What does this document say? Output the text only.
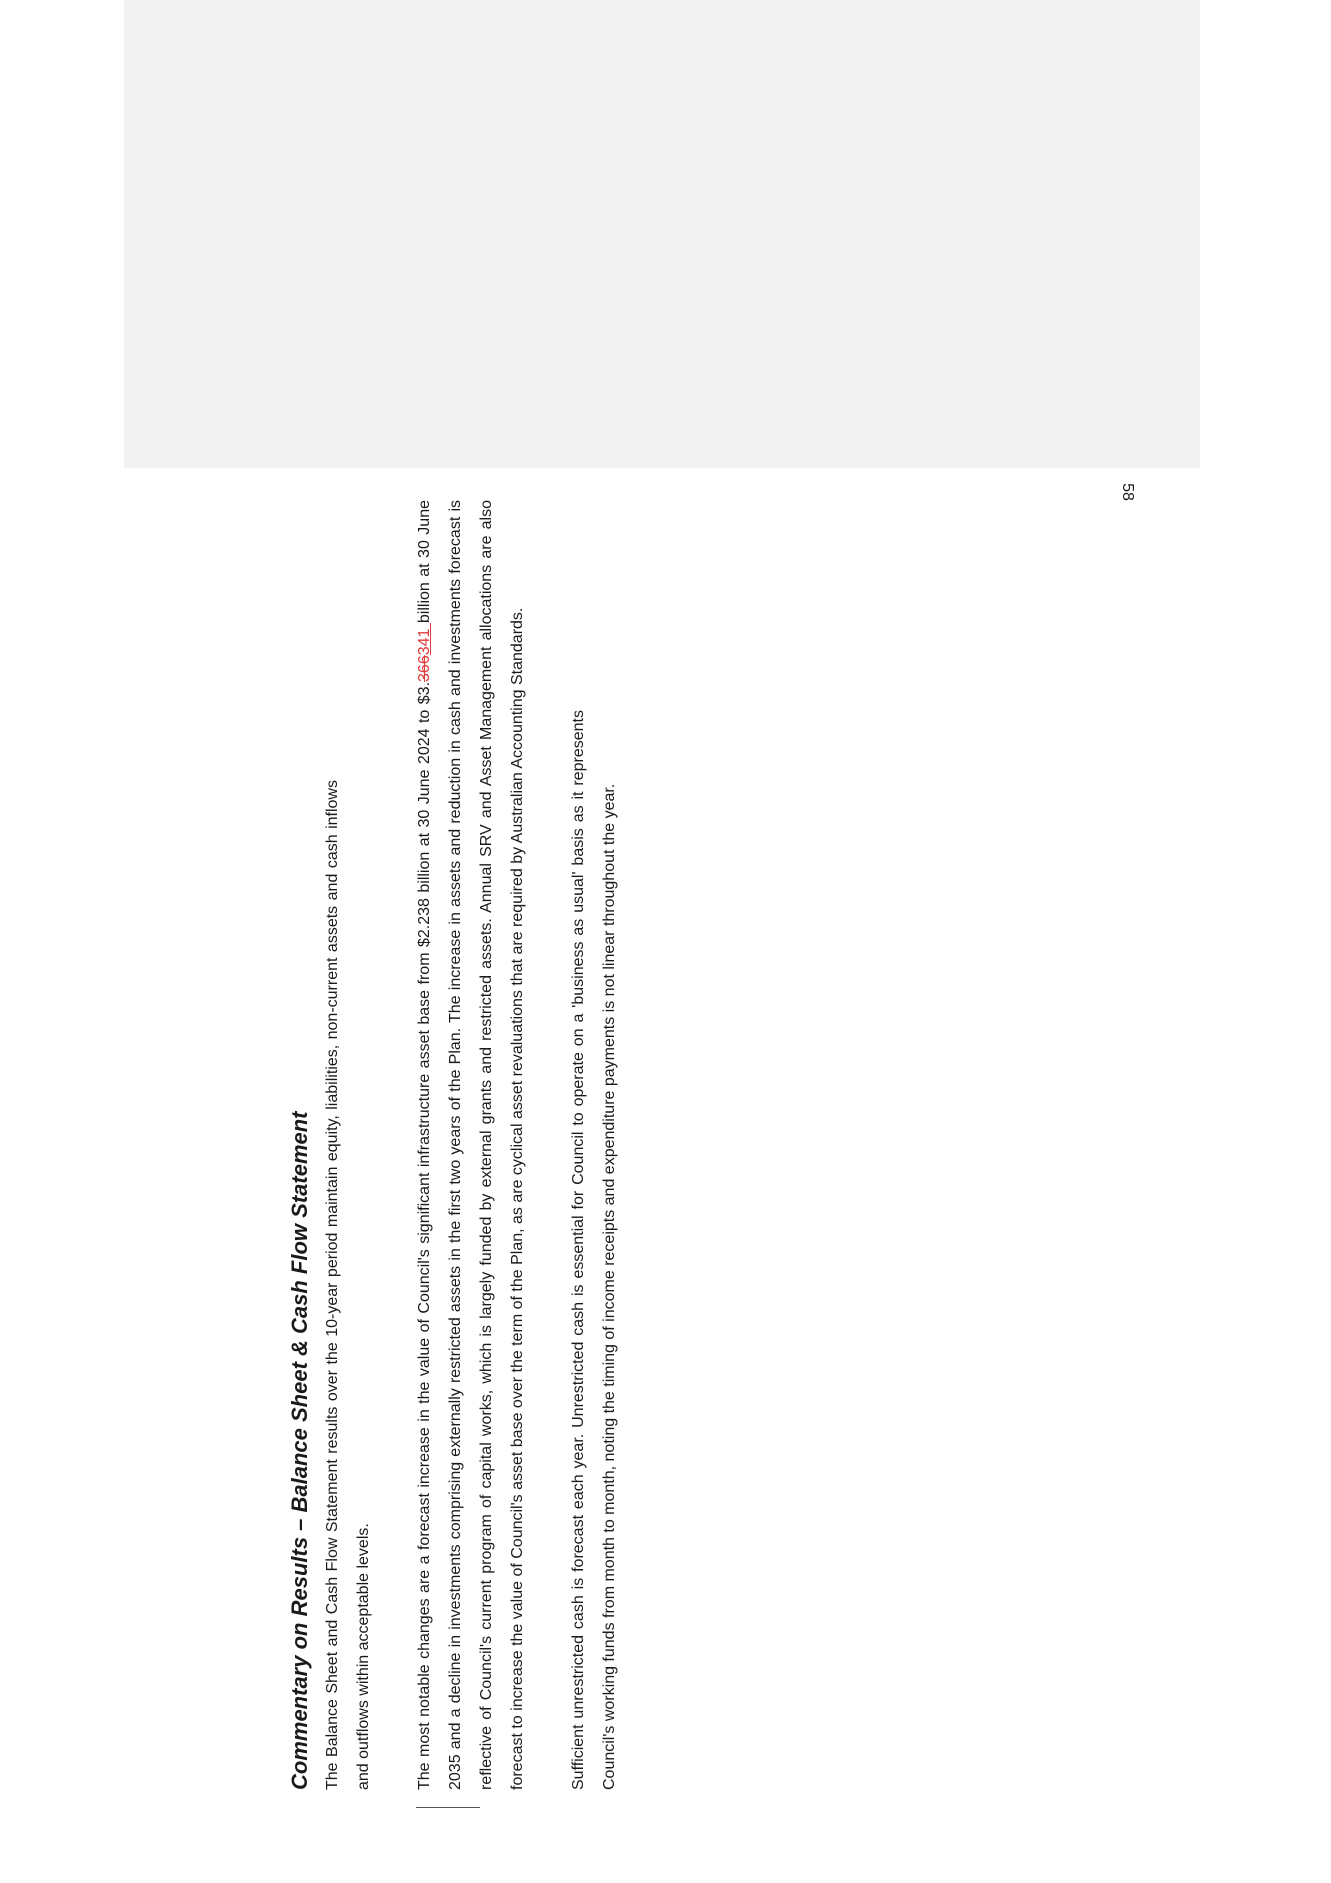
58
Commentary on Results – Balance Sheet & Cash Flow Statement The Balance Sheet and Cash Flow Statement results over the 10-year period maintain equity, liabilities, non-current assets and cash inflows and outflows within acceptable levels.	The most notable changes are a forecast increase in the value of Council's significant infrastructure asset base from $2.238 billion at 30 June 2024 to $3.366341 billion at 30 June 2035 and a decline in investments comprising externally restricted assets in the first two years of the Plan. The increase in assets and reduction in cash and investments forecast is reflective of Council's current program of capital works, which is largely funded by external grants and restricted assets. Annual SRV and Asset Management allocations are also forecast to increase the value of Council's asset base over the term of the Plan, as are cyclical asset revaluations that are required by Australian Accounting Standards.	Sufficient unrestricted cash is forecast each year. Unrestricted cash is essential for Council to operate on a 'business as usual' basis as it represents Council's working funds from month to month, noting the timing of income receipts and expenditure payments is not linear throughout the year.
